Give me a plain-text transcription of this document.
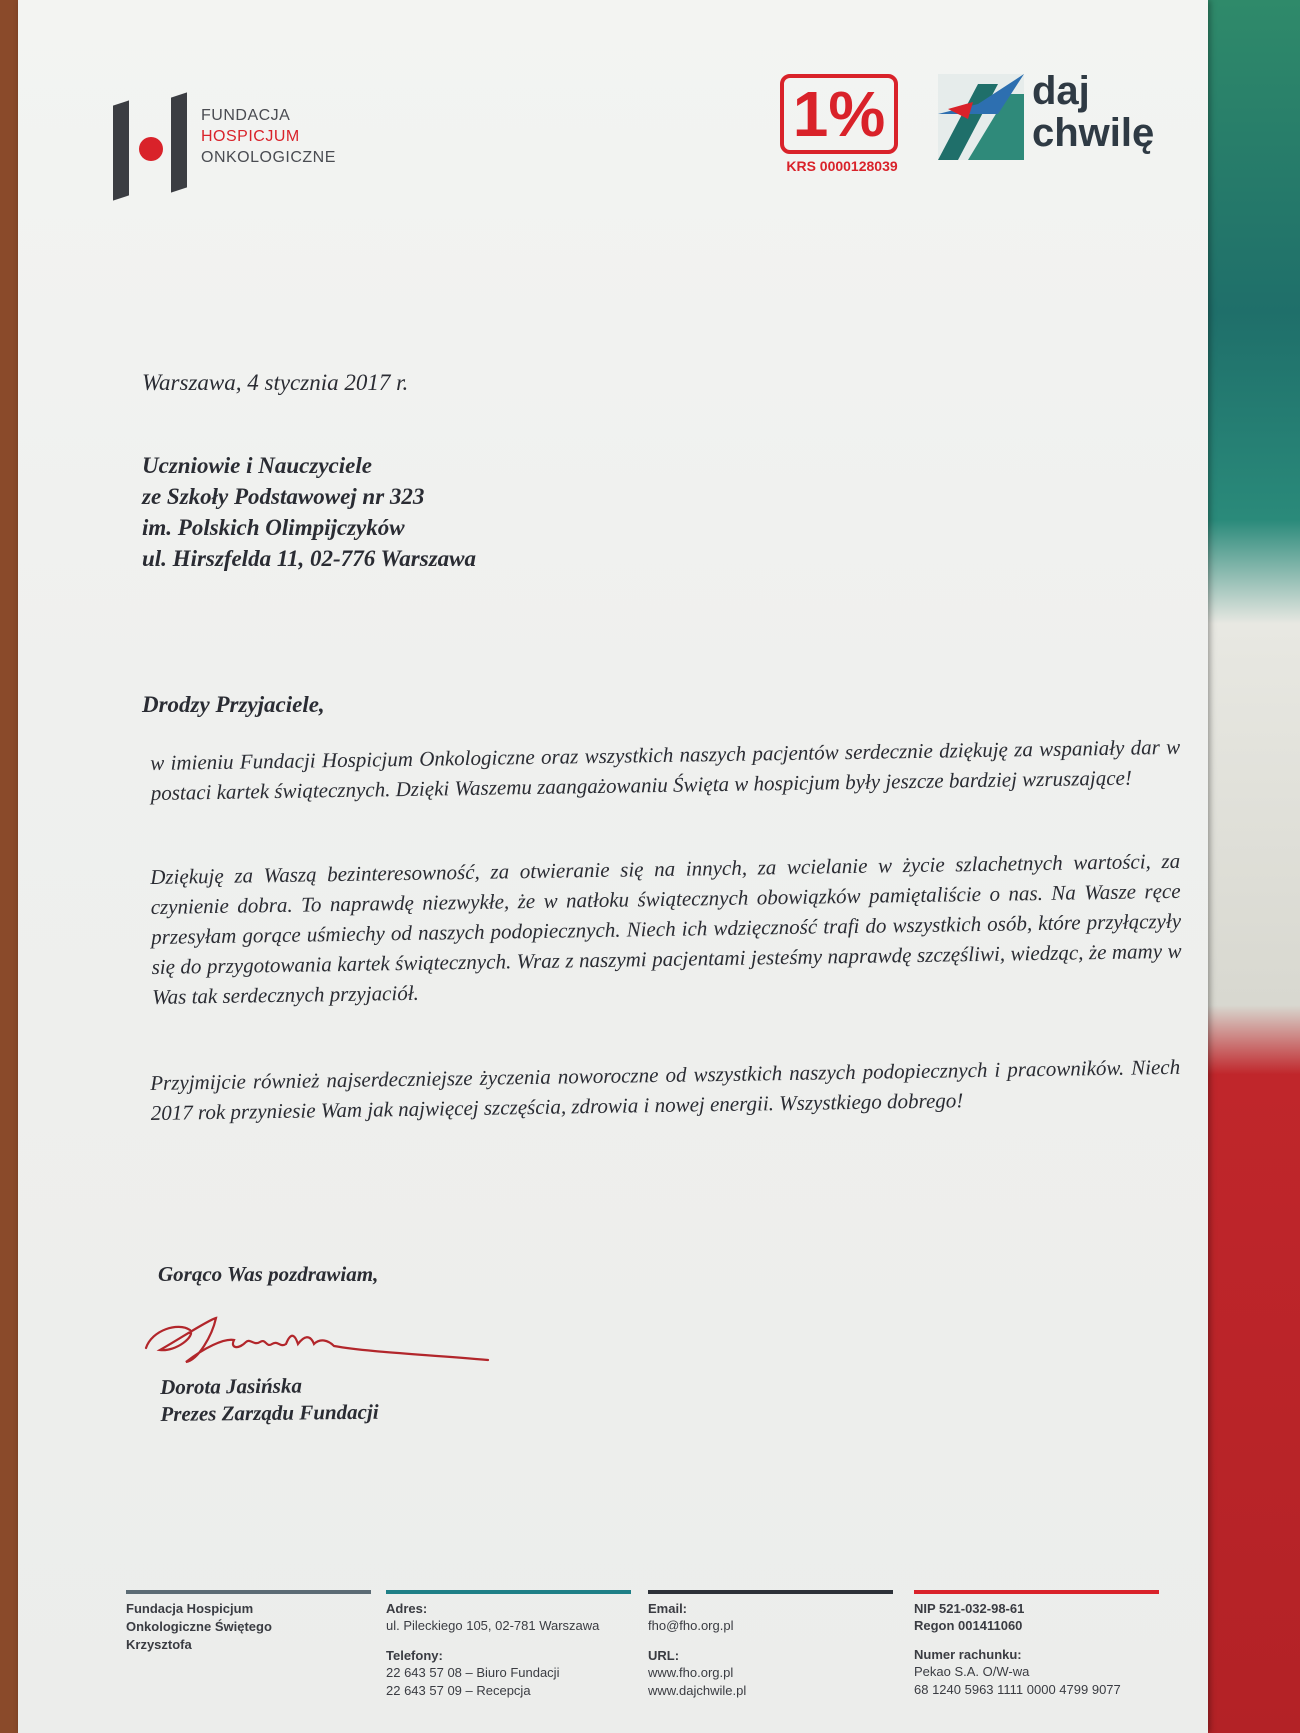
FUNDACJA
HOSPICJUM
ONKOLOGICZNE
1%
KRS 0000128039
daj
chwilę
Warszawa, 4 stycznia 2017 r.
Uczniowie i Nauczyciele
ze Szkoły Podstawowej nr 323
im. Polskich Olimpijczyków
ul. Hirszfelda 11, 02-776 Warszawa
Drodzy Przyjaciele,
w imieniu Fundacji Hospicjum Onkologiczne oraz wszystkich naszych pacjentów serdecznie dziękuję za wspaniały dar w postaci kartek świątecznych. Dzięki Waszemu zaangażowaniu Święta w hospicjum były jeszcze bardziej wzruszające!
Dziękuję za Waszą bezinteresowność, za otwieranie się na innych, za wcielanie w życie szlachetnych wartości, za czynienie dobra. To naprawdę niezwykłe, że w natłoku świątecznych obowiązków pamiętaliście o nas. Na Wasze ręce przesyłam gorące uśmiechy od naszych podopiecznych. Niech ich wdzięczność trafi do wszystkich osób, które przyłączyły się do przygotowania kartek świątecznych. Wraz z naszymi pacjentami jesteśmy naprawdę szczęśliwi, wiedząc, że mamy w Was tak serdecznych przyjaciół.
Przyjmijcie również najserdeczniejsze życzenia noworoczne od wszystkich naszych podopiecznych i pracowników. Niech 2017 rok przyniesie Wam jak najwięcej szczęścia, zdrowia i nowej energii. Wszystkiego dobrego!
Gorąco Was pozdrawiam,
Dorota Jasińska
Prezes Zarządu Fundacji
Fundacja Hospicjum
Onkologiczne Świętego
Krzysztofa
Adres:
ul. Pileckiego 105, 02-781 Warszawa
Telefony:
22 643 57 08 – Biuro Fundacji
22 643 57 09 – Recepcja
Email:
fho@fho.org.pl
URL:
www.fho.org.pl
www.dajchwile.pl
NIP 521-032-98-61
Regon 001411060
Numer rachunku:
Pekao S.A. O/W-wa
68 1240 5963 1111 0000 4799 9077
